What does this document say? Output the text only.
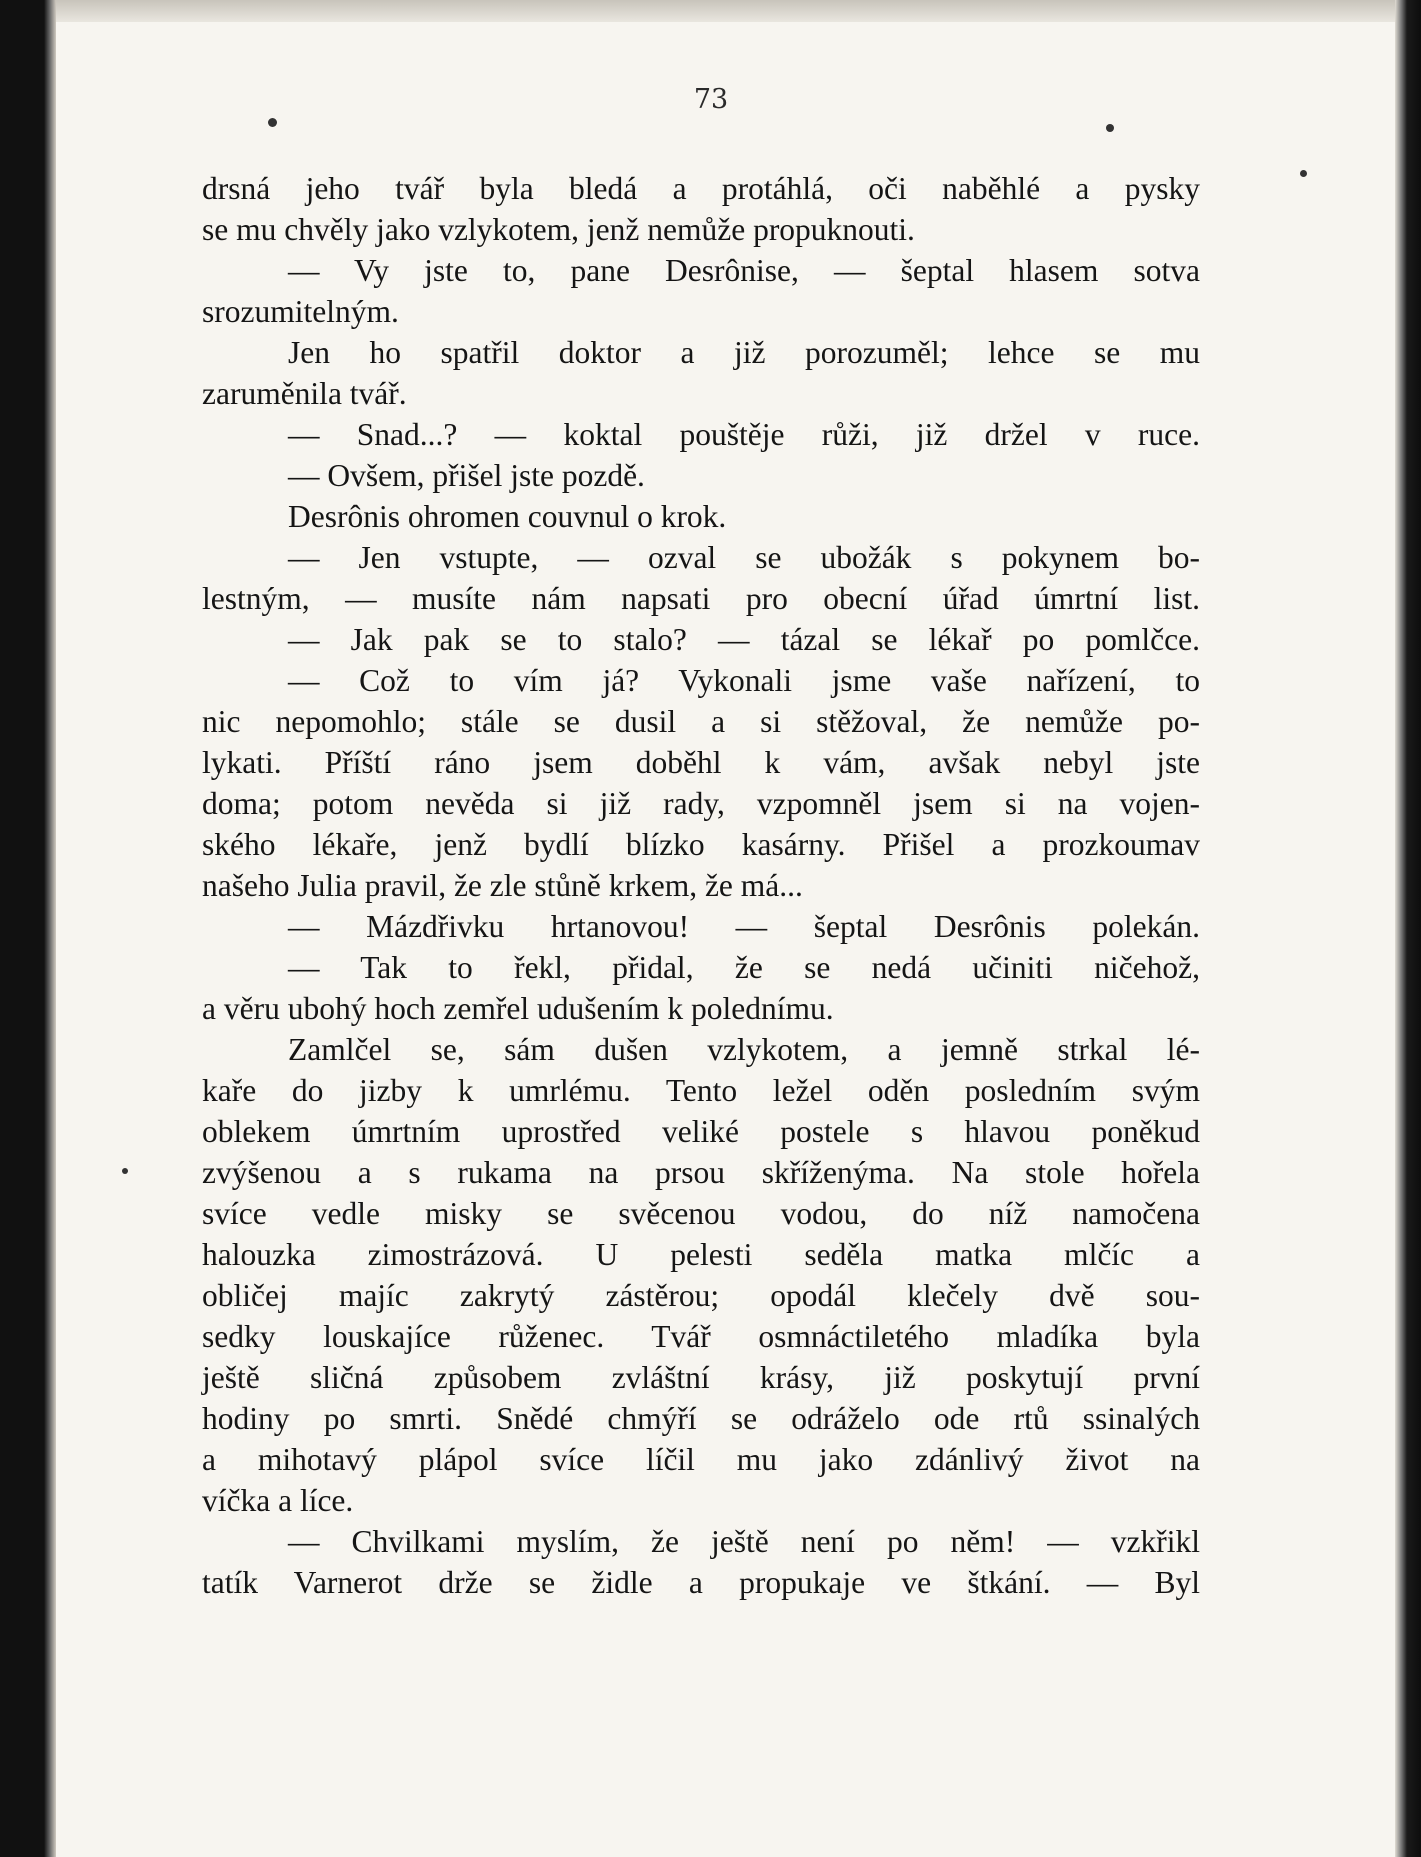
73
drsná jeho tvář byla bledá a protáhlá, oči naběhlé a pysky
se mu chvěly jako vzlykotem, jenž nemůže propuknouti.
— Vy jste to, pane Desrônise, — šeptal hlasem sotva
srozumitelným.
Jen ho spatřil doktor a již porozuměl; lehce se mu
zaruměnila tvář.
— Snad...? — koktal pouštěje růži, již držel v ruce.
— Ovšem, přišel jste pozdě.
Desrônis ohromen couvnul o krok.
— Jen vstupte, — ozval se ubožák s pokynem bo-
lestným, — musíte nám napsati pro obecní úřad úmrtní list.
— Jak pak se to stalo? — tázal se lékař po pomlčce.
— Což to vím já? Vykonali jsme vaše nařízení, to
nic nepomohlo; stále se dusil a si stěžoval, že nemůže po-
lykati. Příští ráno jsem doběhl k vám, avšak nebyl jste
doma; potom nevěda si již rady, vzpomněl jsem si na vojen-
ského lékaře, jenž bydlí blízko kasárny. Přišel a prozkoumav
našeho Julia pravil, že zle stůně krkem, že má...
— Mázdřivku hrtanovou! — šeptal Desrônis polekán.
— Tak to řekl, přidal, že se nedá učiniti ničehož,
a věru ubohý hoch zemřel udušením k polednímu.
Zamlčel se, sám dušen vzlykotem, a jemně strkal lé-
kaře do jizby k umrlému. Tento ležel oděn posledním svým
oblekem úmrtním uprostřed veliké postele s hlavou poněkud
zvýšenou a s rukama na prsou skříženýma. Na stole hořela
svíce vedle misky se svěcenou vodou, do níž namočena
halouzka zimostrázová. U pelesti seděla matka mlčíc a
obličej majíc zakrytý zástěrou; opodál klečely dvě sou-
sedky louskajíce růženec. Tvář osmnáctiletého mladíka byla
ještě sličná způsobem zvláštní krásy, již poskytují první
hodiny po smrti. Snědé chmýří se odráželo ode rtů ssinalých
a mihotavý plápol svíce líčil mu jako zdánlivý život na
víčka a líce.
— Chvilkami myslím, že ještě není po něm! — vzkřikl
tatík Varnerot drže se židle a propukaje ve štkání. — Byl
